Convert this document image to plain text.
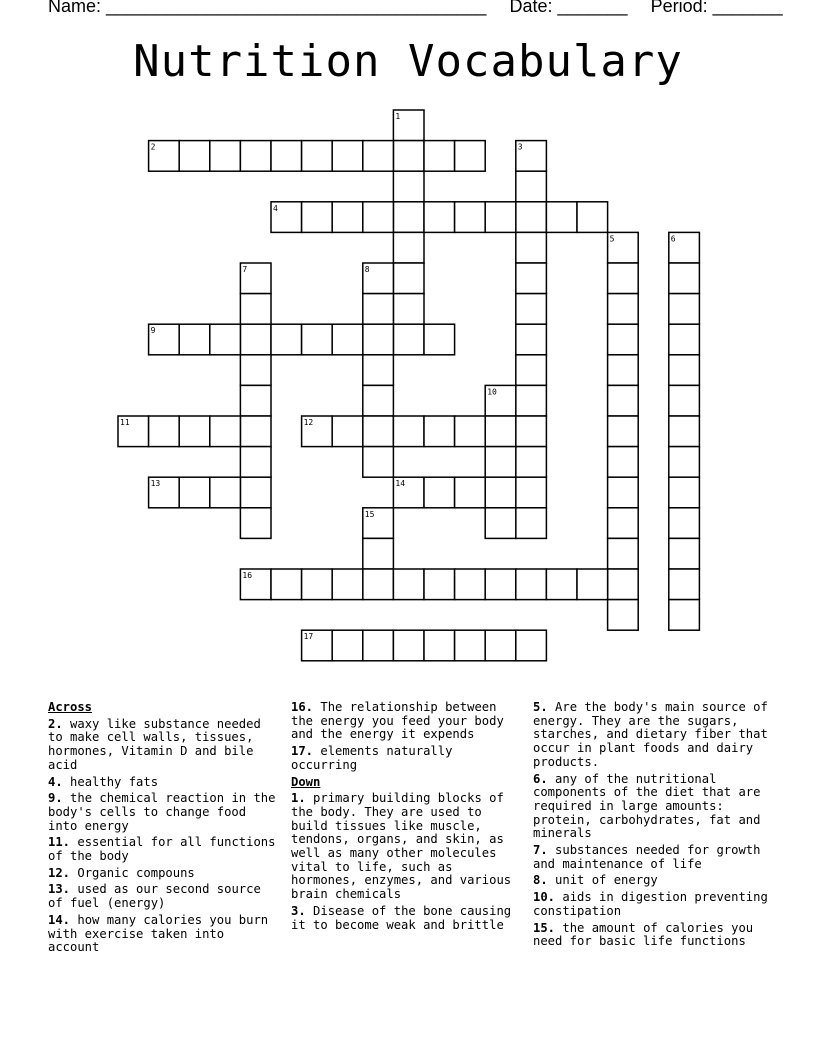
Name: ______________________________________ Date: _______ Period: _______
Nutrition Vocabulary
1
2	3
4
5	6
7	8
9
10
11	12
13	14
15
16
17
Across
2. waxy like substance needed to make cell walls, tissues, hormones, Vitamin D and bile acid
4. healthy fats
9. the chemical reaction in the body's cells to change food into energy
11. essential for all functions of the body
12. Organic compouns
13. used as our second source of fuel (energy)
14. how many calories you burn with exercise taken into account
16. The relationship between the energy you feed your body and the energy it expends
17. elements naturally occurring
Down
1. primary building blocks of the body. They are used to build tissues like muscle, tendons, organs, and skin, as well as many other molecules vital to life, such as hormones, enzymes, and various brain chemicals
3. Disease of the bone causing it to become weak and brittle
5. Are the body's main source of energy. They are the sugars, starches, and dietary fiber that occur in plant foods and dairy products.
6. any of the nutritional components of the diet that are required in large amounts: protein, carbohydrates, fat and minerals
7. substances needed for growth and maintenance of life
8. unit of energy
10. aids in digestion preventing constipation
15. the amount of calories you need for basic life functions
